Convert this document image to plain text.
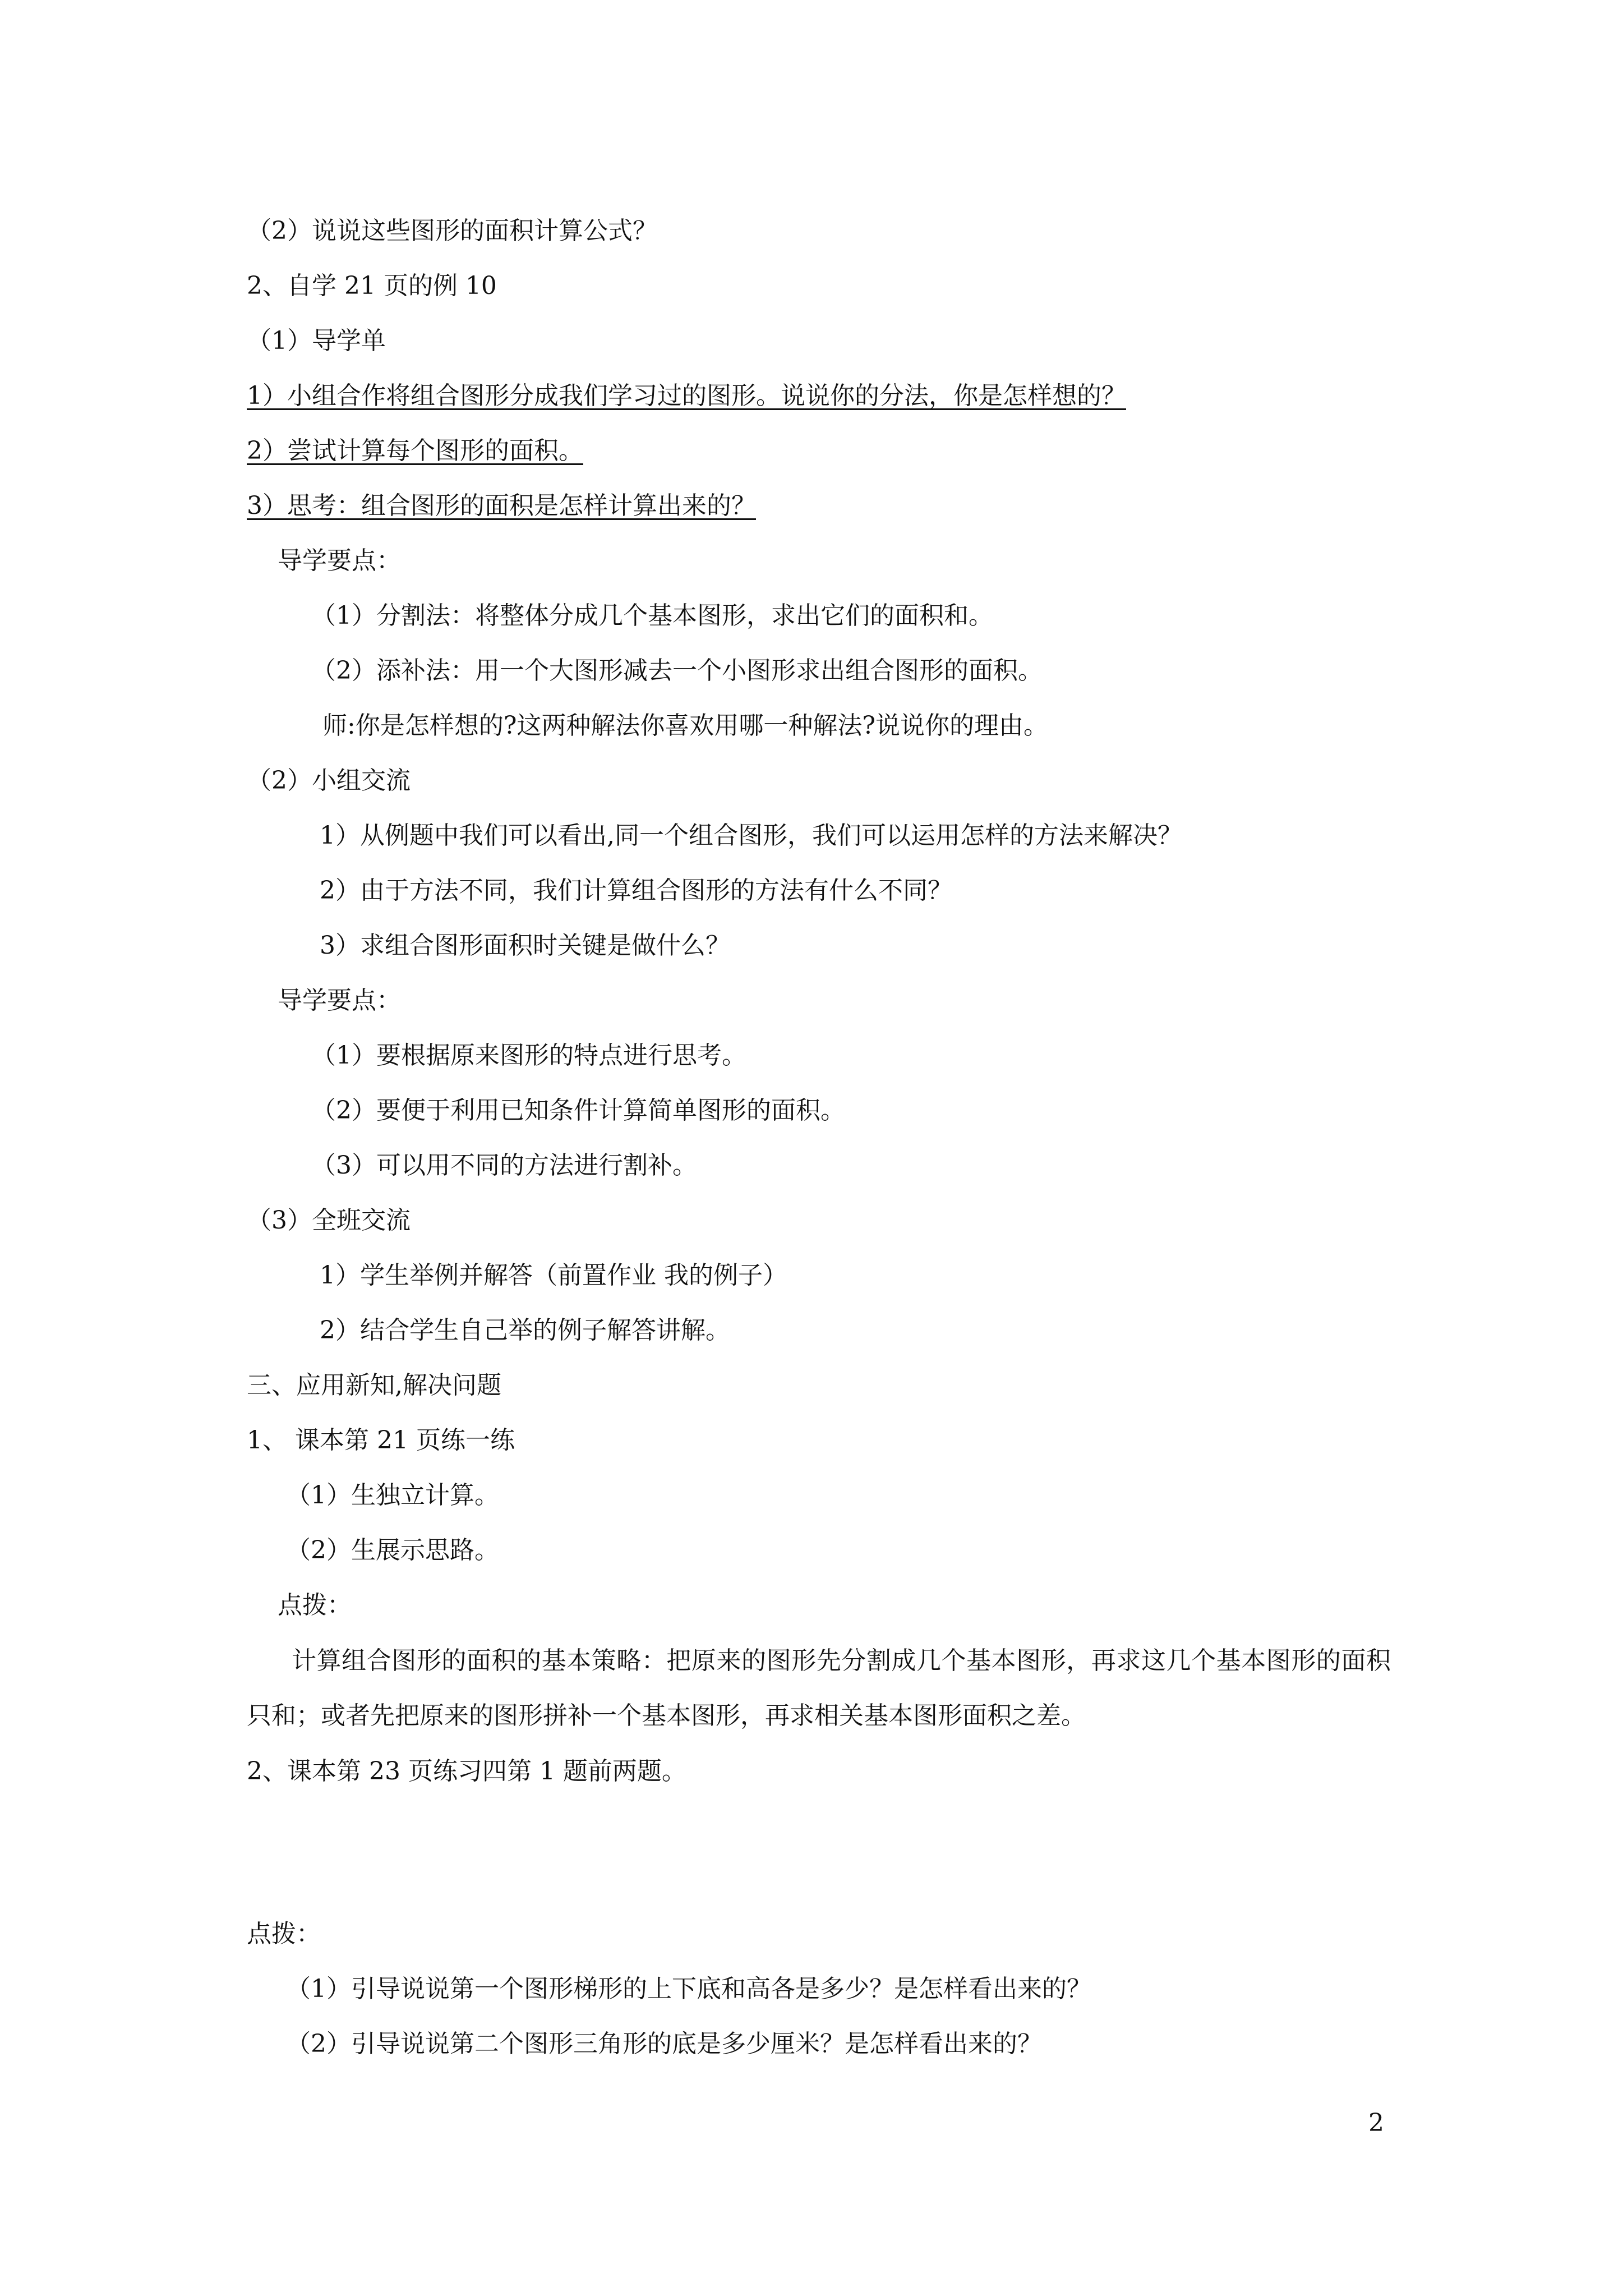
（2）说说这些图形的面积计算公式？
2、自学 21 页的例 10
（1）导学单
1）小组合作将组合图形分成我们学习过的图形。说说你的分法，你是怎样想的？
2）尝试计算每个图形的面积。
3）思考：组合图形的面积是怎样计算出来的？
导学要点：
（1）分割法：将整体分成几个基本图形，求出它们的面积和。
（2）添补法：用一个大图形减去一个小图形求出组合图形的面积。
师:你是怎样想的?这两种解法你喜欢用哪一种解法?说说你的理由。
（2）小组交流
1）从例题中我们可以看出,同一个组合图形，我们可以运用怎样的方法来解决？
2）由于方法不同，我们计算组合图形的方法有什么不同？
3）求组合图形面积时关键是做什么？
导学要点：
（1）要根据原来图形的特点进行思考。
（2）要便于利用已知条件计算简单图形的面积。
（3）可以用不同的方法进行割补。
（3）全班交流
1）学生举例并解答（前置作业 我的例子）
2）结合学生自己举的例子解答讲解。
三、应用新知,解决问题
1、 课本第 21 页练一练
（1）生独立计算。
（2）生展示思路。
点拨：
计算组合图形的面积的基本策略：把原来的图形先分割成几个基本图形，再求这几个基本图形的面积只和；或者先把原来的图形拼补一个基本图形，再求相关基本图形面积之差。
2、课本第 23 页练习四第 1 题前两题。
点拨：
（1）引导说说第一个图形梯形的上下底和高各是多少？是怎样看出来的？
（2）引导说说第二个图形三角形的底是多少厘米？是怎样看出来的？
2
